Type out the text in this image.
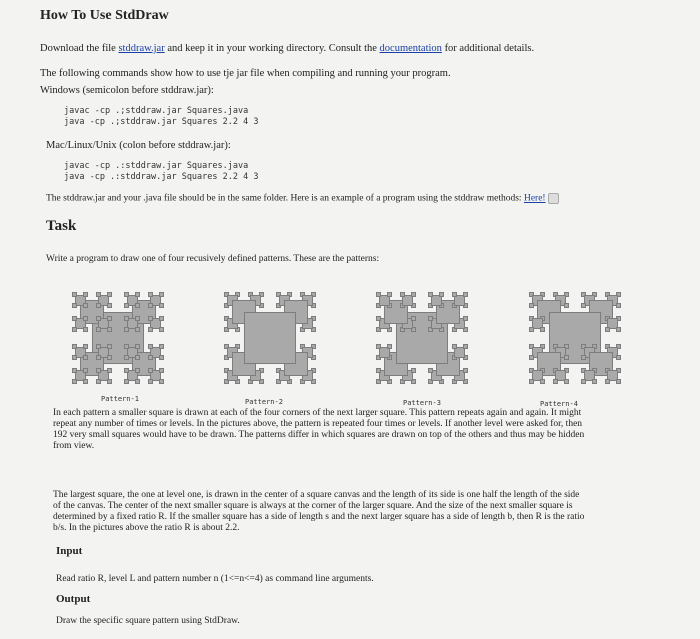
How To Use StdDraw
Download the file stddraw.jar and keep it in your working directory. Consult the documentation for additional details.
The following commands show how to use tje jar file when compiling and running your program.
Windows (semicolon before stddraw.jar):
javac -cp .;stddraw.jar Squares.java
java -cp .;stddraw.jar Squares 2.2 4 3
Mac/Linux/Unix (colon before stddraw.jar):
javac -cp .:stddraw.jar Squares.java
java -cp .:stddraw.jar Squares 2.2 4 3
The stddraw.jar and your .java file should be in the same folder. Here is an example of a program using the stddraw methods: Here!
Task
Write a program to draw one of four recusively defined patterns. These are the patterns:
Pattern-1	Pattern-2	Pattern-3	Pattern-4
In each pattern a smaller square is drawn at each of the four corners of the next larger square. This pattern repeats again and again. It might
repeat any number of times or levels. In the pictures above, the pattern is repeated four times or levels. If another level were asked for, then
192 very small squares would have to be drawn. The patterns differ in which squares are drawn on top of the others and thus may be hidden
from view.
The largest square, the one at level one, is drawn in the center of a square canvas and the length of its side is one half the length of the side
of the canvas. The center of the next smaller square is always at the corner of the larger square. And the size of the next smaller square is
determined by a fixed ratio R. If the smaller square has a side of length s and the next larger square has a side of length b, then R is the ratio
b/s. In the pictures above the ratio R is about 2.2.
Input
Read ratio R, level L and pattern number n (1<=n<=4) as command line arguments.
Output
Draw the specific square pattern using StdDraw.
